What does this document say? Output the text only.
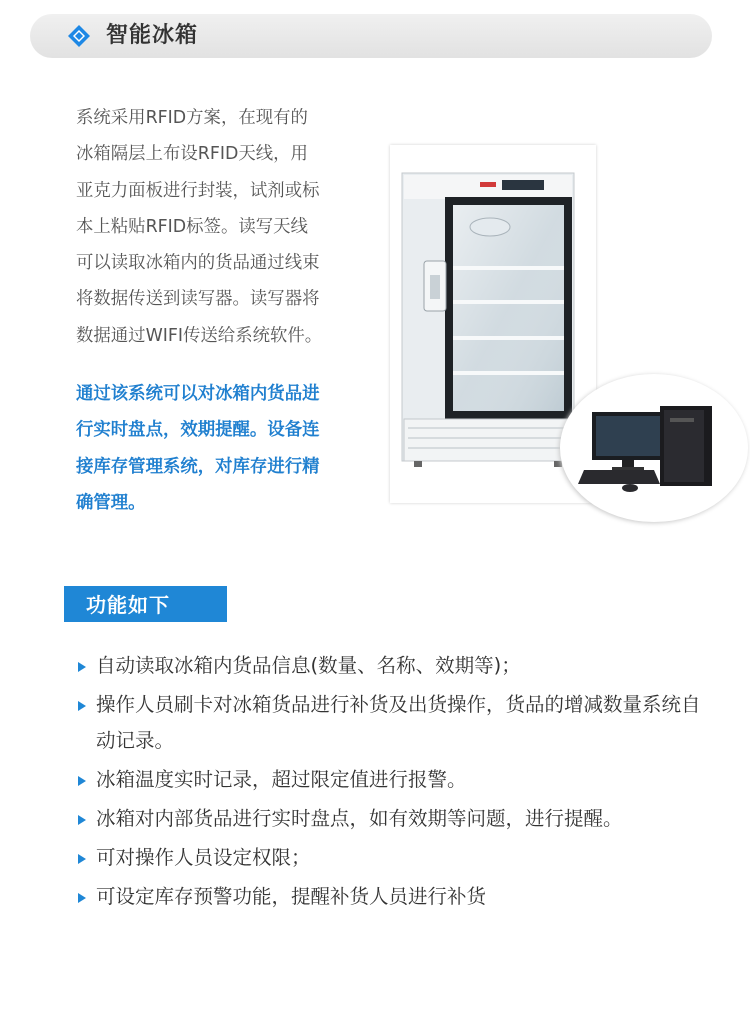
智能冰箱

系统采用RFID方案，在现有的

冰箱隔层上布设RFID天线，用

亚克力面板进行封装，试剂或标

本上粘贴RFID标签。读写天线

可以读取冰箱内的货品通过线束

将数据传送到读写器。读写器将

数据通过WIFI传送给系统软件。

通过该系统可以对冰箱内货品进

行实时盘点，效期提醒。设备连

接库存管理系统，对库存进行精

确管理。

功能如下
自动读取冰箱内货品信息(数量、名称、效期等)；
操作人员刷卡对冰箱货品进行补货及出货操作，货品的增减数量系统自动记录。
冰箱温度实时记录，超过限定值进行报警。
冰箱对内部货品进行实时盘点，如有效期等问题，进行提醒。
可对操作人员设定权限；
可设定库存预警功能，提醒补货人员进行补货
